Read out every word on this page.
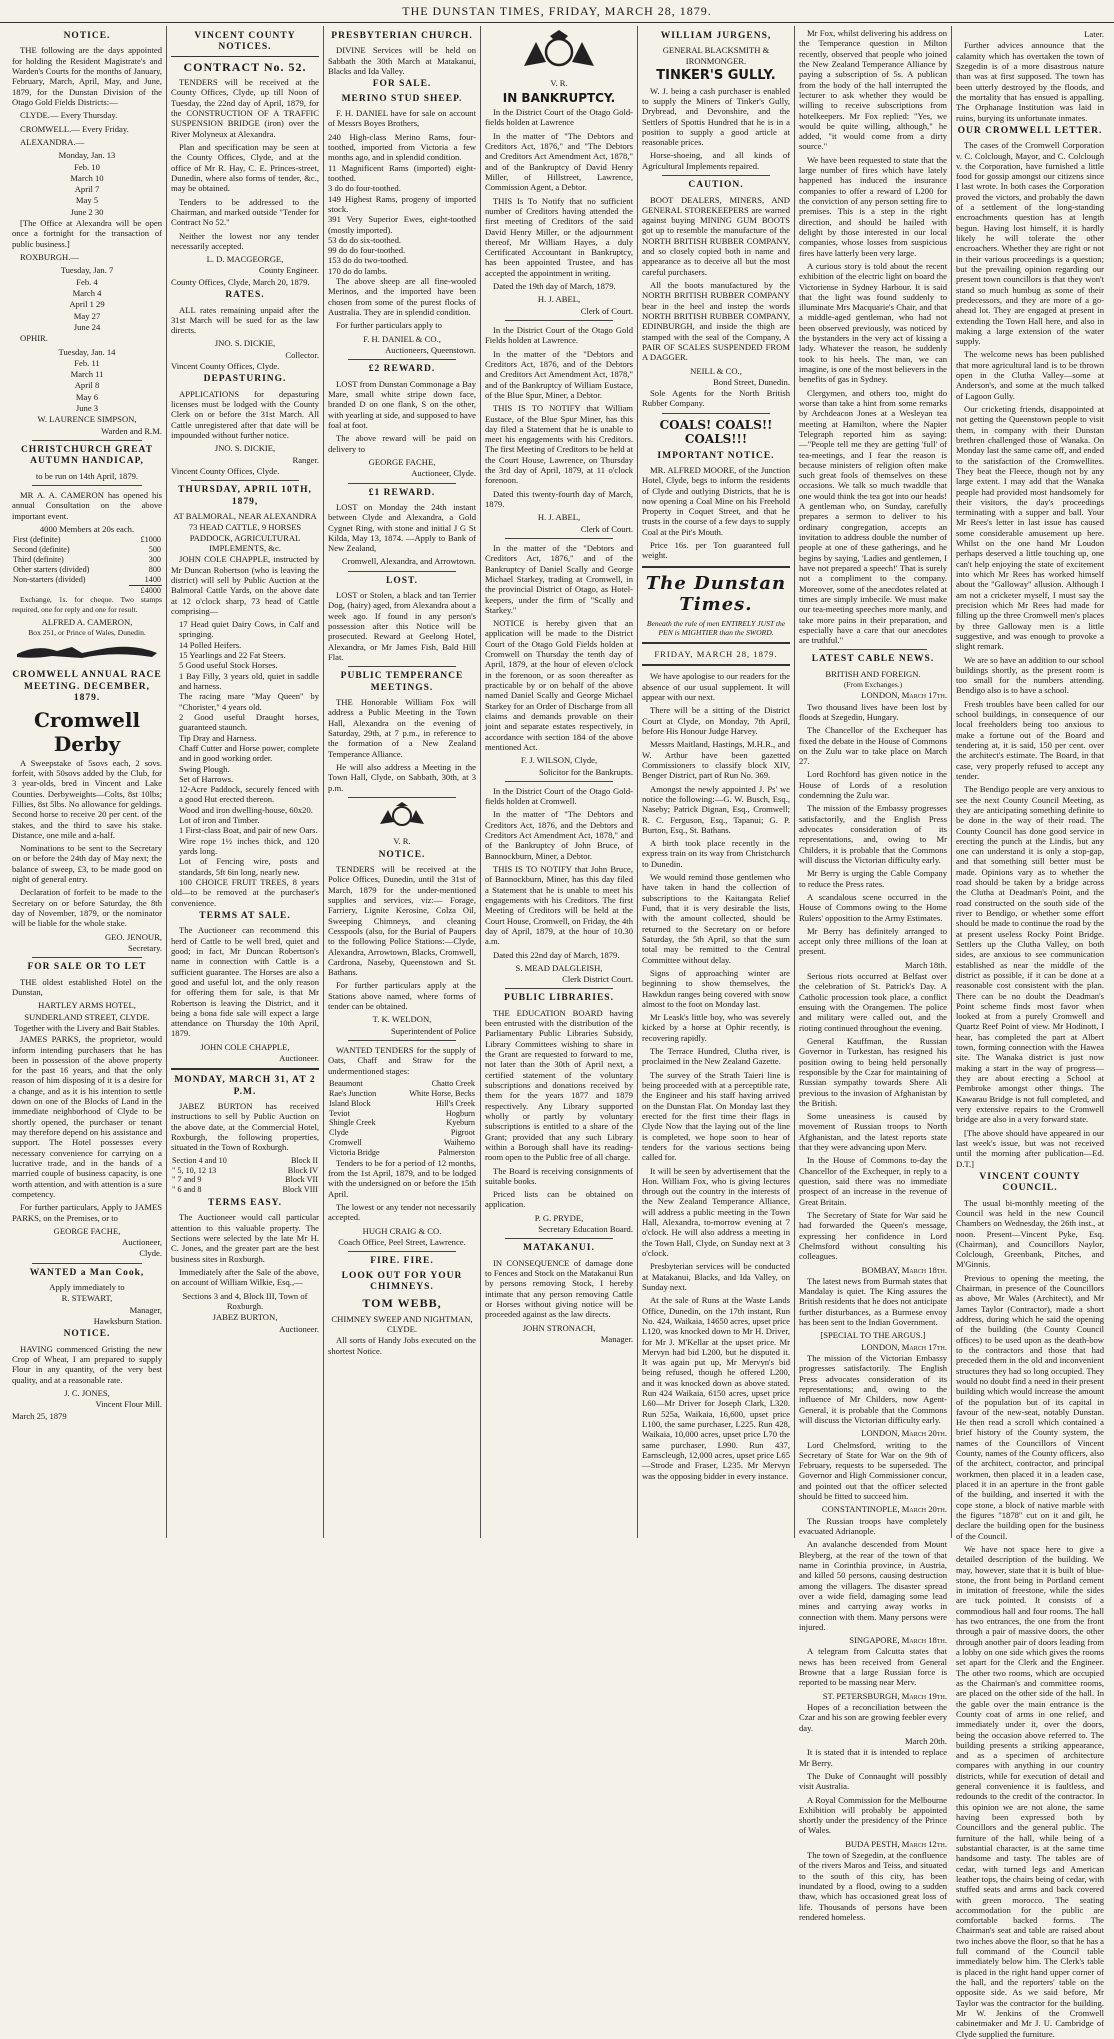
THE DUNSTAN TIMES, FRIDAY, MARCH 28, 1879.
NOTICE.

THE following are the days appointed for holding the Resident Magistrate's and Warden's Courts for the months of January, February, March, April, May, and June, 1879, for the Dunstan Division of the Otago Gold Fields Districts:—

CLYDE.— Every Thursday.

CROMWELL.— Every Friday.

ALEXANDRA.—

Monday, Jan. 13
Feb. 10
March 10
April 7
May 5
June 2 30

[The Office at Alexandra will be open once a fortnight for the transaction of public business.]

ROXBURGH.—

Tuesday, Jan. 7
Feb. 4
March 4
April 1 29
May 27
June 24

OPHIR.

Tuesday, Jan. 14
Feb. 11
March 11
April 8
May 6
June 3
W. LAURENCE SIMPSON,
Warden and R.M.
CHRISTCHURCH GREAT AUTUMN HANDICAP,
to be run on 14th April, 1879.

MR A. A. CAMERON has opened his annual Consultation on the above important event.

4000 Members at 20s each.
First (definite)	£1000
Second (definite)	500
Third (definite)	300
Other starters (divided)	800
Non-starters (divided)	1400
	£4000

Exchange, 1s. for cheque. Two stamps required, one for reply and one for result.

ALFRED A. CAMERON,
Box 251, or Prince of Wales, Dunedin.
CROMWELL ANNUAL RACE MEETING. DECEMBER, 1879.
Cromwell Derby

A Sweepstake of 5sovs each, 2 sovs. forfeit, with 50sovs added by the Club, for 3 year-olds, bred in Vincent and Lake Counties. Derbyweights—Colts, 8st 10lbs; Fillies, 8st 5lbs. No allowance for geldings. Second horse to receive 20 per cent. of the stakes, and the third to save his stake. Distance, one mile and a-half.

Nominations to be sent to the Secretary on or before the 24th day of May next; the balance of sweep, £3, to be made good on night of general entry.

Declaration of forfeit to be made to the Secretary on or before Saturday, the 8th day of November, 1879, or the nominator will be liable for the whole stake.

GEO. JENOUR,
Secretary.
FOR SALE OR TO LET

THE oldest established Hotel on the Dunstan,

HARTLEY ARMS HOTEL,
SUNDERLAND STREET, CLYDE.
Together with the Livery and Bait Stables.

JAMES PARKS, the proprietor, would inform intending purchasers that he has been in possession of the above property for the past 16 years, and that the only reason of him disposing of it is a desire for a change, and as it is his intention to settle down on one of the Blocks of Land in the immediate neighborhood of Clyde to be shortly opened, the purchaser or tenant may therefore depend on his assistance and support. The Hotel possesses every necessary convenience for carrying on a lucrative trade, and in the hands of a married couple of business capacity, is one worth attention, and with attention is a sure competency.

For further particulars, Apply to JAMES PARKS, on the Premises, or to

GEORGE FACHE,
Auctioneer,
Clyde.
WANTED a Man Cook,
Apply immediately to
R. STEWART,
Manager,
Hawksburn Station.
NOTICE.

HAVING commenced Gristing the new Crop of Wheat, I am prepared to supply Flour in any quantity, of the very best quality, and at a reasonable rate.

J. C. JONES,
Vincent Flour Mill.
March 25, 1879
VINCENT COUNTY NOTICES.
CONTRACT No. 52.

TENDERS will be received at the County Offices, Clyde, up till Noon of Tuesday, the 22nd day of April, 1879, for the CONSTRUCTION OF A TRAFFIC SUSPENSION BRIDGE (iron) over the River Molyneux at Alexandra.

Plan and specification may be seen at the County Offices, Clyde, and at the office of Mr R. Hay, C. E. Princes-street, Dunedin, where also forms of tender, &c., may be obtained.

Tenders to be addressed to the Chairman, and marked outside "Tender for Contract No 52."

Neither the lowest nor any tender necessarily accepted.

L. D. MACGEORGE,
County Engineer.
County Offices, Clyde, March 20, 1879.
RATES.

ALL rates remaining unpaid after the 31st March will be sued for as the law directs.

JNO. S. DICKIE,
Collector.
Vincent County Offices, Clyde.
DEPASTURING.

APPLICATIONS for depasturing licenses must be lodged with the County Clerk on or before the 31st March. All Cattle unregistered after that date will be impounded without further notice.

JNO. S. DICKIE,
Ranger.
Vincent County Offices, Clyde.
THURSDAY, APRIL 10TH, 1879,
AT BALMORAL, NEAR ALEXANDRA
73 HEAD CATTLE, 9 HORSES PADDOCK, AGRICULTURAL IMPLEMENTS, &c.

JOHN COLE CHAPPLE, instructed by Mr Duncan Robertson (who is leaving the district) will sell by Public Auction at the Balmoral Cattle Yards, on the above date at 12 o'clock sharp, 73 head of Cattle comprising—

17 Head quiet Dairy Cows, in Calf and springing.
14 Polled Heifers.
15 Yearlings and 22 Fat Steers.
5 Good useful Stock Horses.
1 Bay Filly, 3 years old, quiet in saddle and harness.
The racing mare "May Queen" by "Chorister," 4 years old.
2 Good useful Draught horses, guaranteed staunch.
Tip Dray and Harness.
Chaff Cutter and Horse power, complete and in good working order.
Swing Plough.
Set of Harrows.
12-Acre Paddock, securely fenced with a good Hut erected thereon.
Wood and iron dwelling-house, 60x20.
Lot of iron and Timber.
1 First-class Boat, and pair of new Oars.
Wire rope 1½ inches thick, and 120 yards long.
Lot of Fencing wire, posts and standards, 5ft 6in long, nearly new.

100 CHOICE FRUIT TREES, 8 years old—to be removed at the purchaser's convenience.

TERMS AT SALE.

The Auctioneer can recommend this herd of Cattle to be well bred, quiet and good; in fact, Mr Duncan Robertson's name in connection with Cattle is a sufficient guarantee. The Horses are also a good and useful lot, and the only reason for offering them for sale, is that Mr Robertson is leaving the District, and it being a bona fide sale will expect a large attendance on Thursday the 10th April, 1879.

JOHN COLE CHAPPLE,
Auctioneer.
MONDAY, MARCH 31, AT 2 P.M.

JABEZ BURTON has received instructions to sell by Public Auction on the above date, at the Commercial Hotel, Roxburgh, the following properties, situated in the Town of Roxburgh.

Section 4 and 10	Block II
" 5, 10, 12 13	Block IV
" 7 and 9	Block VII
" 6 and 8	Block VIII
TERMS EASY.

The Auctioneer would call particular attention to this valuable property. The Sections were selected by the late Mr H. C. Jones, and the greater part are the best business sites in Roxburgh.

Immediately after the Sale of the above, on account of William Wilkie, Esq.,—

Sections 3 and 4, Block III, Town of Roxburgh.
JABEZ BURTON,
Auctioneer.
PRESBYTERIAN CHURCH.

DIVINE Services will be held on Sabbath the 30th March at Matakanui, Blacks and Ida Valley.

FOR SALE.
MERINO STUD SHEEP.

F. H. DANIEL have for sale on account of Messrs Boyes Brothers,

240 High-class Merino Rams, four-toothed, imported from Victoria a few months ago, and in splendid condition.
11 Magnificent Rams (imported) eight-toothed.
3 do do four-toothed.
149 Highest Rams, progeny of imported stock.
391 Very Superior Ewes, eight-toothed (mostly imported).
53 do do six-toothed.
99 do do four-toothed.
153 do do two-toothed.
170 do do lambs.

The above sheep are all fine-wooled Merinos, and the imported have been chosen from some of the purest flocks of Australia. They are in splendid condition.

For further particulars apply to

F. H. DANIEL & CO.,
Auctioneers, Queenstown.
£2 REWARD.

LOST from Dunstan Commonage a Bay Mare, small white stripe down face, branded D on one flank, S on the other, with yearling at side, and supposed to have foal at foot.

The above reward will be paid on delivery to

GEORGE FACHE,
Auctioneer, Clyde.
£1 REWARD.

LOST on Monday the 24th instant between Clyde and Alexandra, a Gold Cygnet Ring, with stone and initial J G St Kilda, May 13, 1874. —Apply to Bank of New Zealand,

Cromwell, Alexandra, and Arrowtown.
LOST.

LOST or Stolen, a black and tan Terrier Dog, (hairy) aged, from Alexandra about a week ago. If found in any person's possession after this Notice will be prosecuted. Reward at Geelong Hotel, Alexandra, or Mr James Fish, Bald Hill Flat.

PUBLIC TEMPERANCE MEETINGS.

THE Honorable William Fox will address a Public Meeting in the Town Hall, Alexandra on the evening of Saturday, 29th, at 7 p.m., in reference to the formation of a New Zealand Temperance Alliance.

He will also address a Meeting in the Town Hall, Clyde, on Sabbath, 30th, at 3 p.m.

V. R.
NOTICE.

TENDERS will be received at the Police Offices, Dunedin, until the 31st of March, 1879 for the under-mentioned supplies and services, viz:— Forage, Farriery, Lignite Kerosine, Colza Oil, Sweeping Chimneys, and cleaning Cesspools (also, for the Burial of Paupers to the following Police Stations:—Clyde, Alexandra, Arrowtown, Blacks, Cromwell, Cardrona, Naseby, Queenstown and St. Bathans.

For further particulars apply at the Stations above named, where forms of tender can be obtained.

T. K. WELDON,
Superintendent of Police

WANTED TENDERS for the supply of Oats, Chaff and Straw for the undermentioned stages:

Beaumont	Chatto Creek
Rae's Junction	White Horse, Becks
Island Block	Hill's Creek
Teviot	Hogburn
Shingle Creek	Kyeburn
Clyde	Pigroot
Cromwell	Waihemo
Victoria Bridge	Palmerston

Tenders to be for a period of 12 months, from the 1st April, 1879, and to be lodged with the undersigned on or before the 15th April.

The lowest or any tender not necessarily accepted.

HUGH CRAIG & CO.
Coach Office, Peel Street, Lawrence.
FIRE. FIRE.
LOOK OUT FOR YOUR CHIMNEYS.
TOM WEBB,
CHIMNEY SWEEP AND NIGHTMAN, CLYDE.

All sorts of Handy Jobs executed on the shortest Notice.

V. R.
IN BANKRUPTCY.

In the District Court of the Otago Gold-fields holden at Lawrence

In the matter of "The Debtors and Creditors Act, 1876," and "The Debtors and Creditors Act Amendment Act, 1878," and of the Bankruptcy of David Henry Miller, of Hillstreet, Lawrence, Commission Agent, a Debtor.

THIS Is To Notify that no sufficient number of Creditors having attended the first meeting of Creditors of the said David Henry Miller, or the adjournment thereof, Mr William Hayes, a duly Certificated Accountant in Bankruptcy, has been appointed Trustee, and has accepted the appointment in writing.

Dated the 19th day of March, 1879.

H. J. ABEL,
Clerk of Court.

In the District Court of the Otago Gold Fields holden at Lawrence.

In the matter of the "Debtors and Creditors Act, 1876, and of the Debtors and Creditors Act Amendment Act, 1878," and of the Bankruptcy of William Eustace, of the Blue Spur, Miner, a Debtor.

THIS IS TO NOTIFY that William Eustace, of the Blue Spur Miner, has this day filed a Statement that he is unable to meet his engagements with his Creditors. The first Meeting of Creditors to be held at the Court House, Lawrence, on Thursday the 3rd day of April, 1879, at 11 o'clock forenoon.

Dated this twenty-fourth day of March, 1879.

H. J. ABEL,
Clerk of Court.

In the matter of the "Debtors and Creditors Act, 1876," and of the Bankruptcy of Daniel Scally and George Michael Starkey, trading at Cromwell, in the provincial District of Otago, as Hotel-keepers, under the firm of "Scally and Starkey."

NOTICE is hereby given that an application will be made to the District Court of the Otago Gold Fields holden at Cromwell on Thursday the tenth day of April, 1879, at the hour of eleven o'clock in the forenoon, or as soon thereafter as practicable by or on behalf of the above named Daniel Scally and George Michael Starkey for an Order of Discharge from all claims and demands provable on their joint and separate estates respectively, in accordance with section 184 of the above mentioned Act.

F. J. WILSON, Clyde,
Solicitor for the Bankrupts.

In the District Court of the Otago Gold-fields holden at Cromwell.

In the matter of "The Debtors and Creditors Act, 1876, and the Debtors and Creditors Act Amendment Act, 1878," and of the Bankruptcy of John Bruce, of Bannockburn, Miner, a Debtor.

THIS IS TO NOTIFY that John Bruce, of Bannockburn, Miner, has this day filed a Statement that he is unable to meet his engagements with his Creditors. The first Meeting of Creditors will be held at the Court House, Cromwell, on Friday, the 4th day of April, 1879, at the hour of 10.30 a.m.

Dated this 22nd day of March, 1879.

S. MEAD DALGLEISH,
Clerk District Court.
PUBLIC LIBRARIES.

THE EDUCATION BOARD having been entrusted with the distribution of the Parliamentary Public Libraries Subsidy, Library Committees wishing to share in the Grant are requested to forward to me, not later than the 30th of April next, a certified statement of the voluntary subscriptions and donations received by them for the years 1877 and 1879 respectively. Any Library supported wholly or partly by voluntary subscriptions is entitled to a share of the Grant; provided that any such Library within a Borough shall have its reading-room open to the Public free of all charge.

The Board is receiving consignments of suitable books.

Priced lists can be obtained on application.

P. G. PRYDE,
Secretary Education Board.
MATAKANUI.

IN CONSEQUENCE of damage done to Fences and Stock on the Matakanui Run by persons removing Stock, I hereby intimate that any person removing Cattle or Horses without giving notice will be proceeded against as the law directs.

JOHN STRONACH,
Manager.
WILLIAM JURGENS,
GENERAL BLACKSMITH & IRONMONGER.
TINKER'S GULLY.

W. J. being a cash purchaser is enabled to supply the Miners of Tinker's Gully, Drybread, and Devonshire, and the Settlers of Spottis Hundred that he is in a position to supply a good article at reasonable prices.

Horse-shoeing, and all kinds of Agricultural Implements repaired.

CAUTION.

BOOT DEALERS, MINERS, AND GENERAL STOREKEEPERS are warned against buying MINING GUM BOOTS got up to resemble the manufacture of the NORTH BRITISH RUBBER COMPANY, and so closely copied both in name and appearance as to deceive all but the most careful purchasers.

All the boots manufactured by the NORTH BRITISH RUBBER COMPANY bear in the heel and instep the words NORTH BRITISH RUBBER COMPANY, EDINBURGH, and inside the thigh are stamped with the seal of the Company, A PAIR OF SCALES SUSPENDED FROM A DAGGER.

NEILL & CO.,
Bond Street, Dunedin.

Sole Agents for the North British Rubber Company.

COALS! COALS!! COALS!!!
IMPORTANT NOTICE.

MR. ALFRED MOORE, of the Junction Hotel, Clyde, begs to inform the residents of Clyde and outlying Districts, that he is now opening a Coal Mine on his Freehold Property in Coquet Street, and that he trusts in the course of a few days to supply Coal at the Pit's Mouth.

Price 16s. per Ton guaranteed full weight.

The Dunstan Times.
Beneath the rule of men ENTIRELY JUST the PEN is MIGHTIER than the SWORD.
FRIDAY, MARCH 28, 1879.

We have apologise to our readers for the absence of our usual supplement. It will appear with our next.

There will be a sitting of the District Court at Clyde, on Monday, 7th April, before His Honour Judge Harvey.

Messrs Maitland, Hastings, M.H.R., and W. Arthur have been gazetted Commissioners to classify block XIV, Benger District, part of Run No. 369.

Amongst the newly appointed J. Ps' we notice the following:—G. W. Busch, Esq., Naseby; Patrick Dignan, Esq., Cromwell; R. C. Ferguson, Esq., Tapanui; G. P. Burton, Esq., St. Bathans.

A birth took place recently in the express train on its way from Christchurch to Dunedin.

We would remind those gentlemen who have taken in hand the collection of subscriptions to the Kaitangata Relief Fund, that it is very desirable the lists, with the amount collected, should be returned to the Secretary on or before Saturday, the 5th April, so that the sum total may be remitted to the Central Committee without delay.

Signs of approaching winter are beginning to show themselves, the Hawkdun ranges being covered with snow almost to the foot on Monday last.

Mr Leask's little boy, who was severely kicked by a horse at Ophir recently, is recovering rapidly.

The Terrace Hundred, Clutha river, is proclaimed in the New Zealand Gazette.

The survey of the Strath Taieri line is being proceeded with at a perceptible rate, the Engineer and his staff having arrived on the Dunstan Flat. On Monday last they erected for the first time their flags in Clyde Now that the laying out of the line is completed, we hope soon to hear of tenders for the various sections being called for.

It will be seen by advertisement that the Hon. William Fox, who is giving lectures through out the country in the interests of the New Zealand Temperance Alliance, will address a public meeting in the Town Hall, Alexandra, to-morrow evening at 7 o'clock. He will also address a meeting in the Town Hall, Clyde, on Sunday next at 3 o'clock.

Presbyterian services will be conducted at Matakanui, Blacks, and Ida Valley, on Sunday next.

At the sale of Runs at the Waste Lands Office, Dunedin, on the 17th instant, Run No. 424, Waikaia, 14650 acres, upset price L120, was knocked down to Mr H. Driver, for Mr J. M'Kellar at the upset price. Mr Mervyn had bid L200, but he disputed it. It was again put up, Mr Mervyn's bid being refused, though he offered L200, and it was knocked down as above stated. Run 424 Waikaia, 6150 acres, upset price L60—Mr Driver for Joseph Clark, L320. Run 525a, Waikaia, 16,600, upset price L100, the same purchaser, L225. Run 428, Waikaia, 10,000 acres, upset price L70 the same purchaser, L990. Run 437, Earnscleugh, 12,000 acres, upset price L65—Strode and Fraser, L235. Mr Mervyn was the opposing bidder in every instance.

Mr Fox, whilst delivering his address on the Temperance question in Milton recently, observed that people who joined the New Zealand Temperance Alliance by paying a subscription of 5s. A publican from the body of the hall interrupted the lecturer to ask whether they would be willing to receive subscriptions from hotelkeepers. Mr Fox replied: "Yes, we would be quite willing, although," he added, "it would come from a dirty source."

We have been requested to state that the large number of fires which have lately happened has induced the insurance companies to offer a reward of L200 for the conviction of any person setting fire to premises. This is a step in the right direction, and should be hailed with delight by those interested in our local companies, whose losses from suspicious fires have latterly been very large.

A curious story is told about the recent exhibition of the electric light on board the Victoriense in Sydney Harbour. It is said that the light was found suddenly to illuminate Mrs Macquarie's Chair, and that a middle-aged gentleman, who had not been observed previously, was noticed by the bystanders in the very act of kissing a lady. Whatever the reason, he suddenly took to his heels. The man, we can imagine, is one of the most believers in the benefits of gas in Sydney.

Clergymen, and others too, might do worse than take a hint from some remarks by Archdeacon Jones at a Wesleyan tea meeting at Hamilton, where the Napier Telegraph reported him as saying:—"People tell me they are getting 'full' of tea-meetings, and I fear the reason is because ministers of religion often make such great fools of themselves on these occasions. We talk so much twaddle that one would think the tea got into our heads! A gentleman who, on Sunday, carefully prepares a sermon to deliver to his ordinary congregation, accepts an invitation to address double the number of people at one of these gatherings, and he begins by saying, 'Ladies and gentlemen, I have not prepared a speech!' That is surely not a compliment to the company. Moreover, some of the anecdotes related at times are simply imbecile. We must make our tea-meeting speeches more manly, and take more pains in their preparation, and especially have a care that our anecdotes are truthful."

LATEST CABLE NEWS.
BRITISH AND FOREIGN.
(From Exchanges.)
LONDON, March 17th.

Two thousand lives have been lost by floods at Szegedin, Hungary.

The Chancellor of the Exchequer has fixed the debate in the House of Commons on the Zulu war to take place on March 27.

Lord Rochford has given notice in the House of Lords of a resolution condemning the Zulu war.

The mission of the Embassy progresses satisfactorily, and the English Press advocates consideration of its representations, and, owing to Mr Childers, it is probable that the Commons will discuss the Victorian difficulty early.

Mr Berry is urging the Cable Company to reduce the Press rates.

A scandalous scene occurred in the House of Commons owing to the Home Rulers' opposition to the Army Estimates.

Mr Berry has definitely arranged to accept only three millions of the loan at present.

March 18th.

Serious riots occurred at Belfast over the celebration of St. Patrick's Day. A Catholic procession took place, a conflict ensuing with the Orangemen. The police and military were called out, and the rioting continued throughout the evening.

General Kauffman, the Russian Governor in Turkestan, has resigned his position owing to being held personally responsible by the Czar for maintaining of Russian sympathy towards Shere Ali previous to the invasion of Afghanistan by the British.

Some uneasiness is caused by movement of Russian troops to North Afghanistan, and the latest reports state that they were advancing upon Merv.

In the House of Commons to-day the Chancellor of the Exchequer, in reply to a question, said there was no immediate prospect of an increase in the revenue of Great Britain.

The Secretary of State for War said he had forwarded the Queen's message, expressing her confidence in Lord Chelmsford without consulting his colleagues.

BOMBAY, March 18th.

The latest news from Burmah states that Mandalay is quiet. The King assures the British residents that he does not anticipate further disturbances, as a Burmese envoy has been sent to the Indian Government.

[SPECIAL TO THE ARGUS.]
LONDON, March 17th.

The mission of the Victorian Embassy progresses satisfactorily. The English Press advocates consideration of its representations; and, owing to the influence of Mr Childers, now Agent-General, it is probable that the Commons will discuss the Victorian difficulty early.

LONDON, March 20th.

Lord Chelmsford, writing to the Secretary of State for War on the 9th of February, requests to be superseded. The Governor and High Commissioner concur, and pointed out that the officer selected should be fitted to succeed him.

CONSTANTINOPLE, March 20th.

The Russian troops have completely evacuated Adrianople.

An avalanche descended from Mount Bleyberg, at the rear of the town of that name in Corinthia province, in Austria, and killed 50 persons, causing destruction among the villagers. The disaster spread over a wide field, damaging some lead mines and carrying away works in connection with them. Many persons were injured.

SINGAPORE, March 18th.

A telegram from Calcutta states that news has been received from General Browne that a large Russian force is reported to be massing near Merv.

ST. PETERSBURGH, March 19th.

Hopes of a reconciliation between the Czar and his son are growing feebler every day.

March 20th.

It is stated that it is intended to replace Mr Berry.

The Duke of Connaught will possibly visit Australia.

A Royal Commission for the Melbourne Exhibition will probably be appointed shortly under the presidency of the Prince of Wales.

BUDA PESTH, March 12th.

The town of Szegedin, at the confluence of the rivers Maros and Teiss, and situated to the south of this city, has been inundated by a flood, owing to a sudden thaw, which has occasioned great loss of life. Thousands of persons have been rendered homeless.

Later.

Further advices announce that the calamity which has overtaken the town of Szegedin is of a more disastrous nature than was at first supposed. The town has been utterly destroyed by the floods, and the mortality that has ensued is appalling. The Orphanage Institution was laid in ruins, burying its unfortunate inmates.

OUR CROMWELL LETTER.

The cases of the Cromwell Corporation v. C. Colclough, Mayor, and C. Colclough v. the Corporation, have furnished a little food for gossip amongst our citizens since I last wrote. In both cases the Corporation proved the victors, and probably the dawn of a settlement of the long-standing encroachments question has at length begun. Having lost himself, it is hardly likely he will tolerate the other encroachers. Whether they are right or not in their various proceedings is a question; but the prevailing opinion regarding our present town councillors is that they won't stand so much humbug as some of their predecessors, and they are more of a go-ahead lot. They are engaged at present in extending the Town Hall here, and also in making a large extension of the water supply.

The welcome news has been published that more agricultural land is to be thrown open in the Clutha Valley—some at Anderson's, and some at the much talked of Lagoon Gully.

Our cricketing friends, disappointed at not getting the Queenstown people to visit them, in company with their Dunstan brethren challenged those of Wanaka. On Monday last the same came off, and ended to the satisfaction of the Cromwellites. They beat the Fleece, though not by any large extent. I may add that the Wanaka people had provided most handsomely for their visitors, the day's proceedings terminating with a supper and ball. Your Mr Rees's letter in last issue has caused some considerable amusement up here. Whilst on the one hand Mr Loudon perhaps deserved a little touching up, one can't help enjoying the state of excitement into which Mr Rees has worked himself about the "Galloway" allusion. Although I am not a cricketer myself, I must say the precision which Mr Rees had made for filling up the three Cromwell men's places by three Galloway men is a little suggestive, and was enough to provoke a slight remark.

We are so have an addition to our school buildings shortly, as the present room is too small for the numbers attending. Bendigo also is to have a school.

Fresh troubles have been called for our school buildings, in consequence of our local freeholders being too anxious to make a fortune out of the Board and tendering at, it is said, 150 per cent. over the architect's estimate. The Board, in that case, very properly refused to accept any tender.

The Bendigo people are very anxious to see the next County Council Meeting, as they are anticipating something definite to be done in the way of their road. The County Council has done good service in erecting the punch at the Lindis, but any one can understand it is only a stop-gap, and that something still better must be made. Opinions vary as to whether the road should be taken by a bridge across the Clutha at Deadman's Point, and the road constructed on the south side of the river to Bendigo, or whether some effort should be made to continue the road by the at present useless Rocky Point Bridge. Settlers up the Clutha Valley, on both sides, are anxious to see communication established as near the middle of the district as possible, if it can be done at a reasonable cost consistent with the plan. There can be no doubt the Deadman's Point scheme finds most favor when looked at from a purely Cromwell and Quartz Reef Point of view. Mr Hodinott, I hear, has completed the part at Albert town, forming connection with the Hawea site. The Wanaka district is just now making a start in the way of progress—they are about erecting a School at Pembroke amongst other things. The Kawarau Bridge is not full completed, and very extensive repairs to the Cromwell bridge are also in a very forward state.

[The above should have appeared in our last week's issue, but was not received until the morning after publication—Ed. D.T.]

VINCENT COUNTY COUNCIL.

The usual bi-monthly meeting of the Council was held in the new Council Chambers on Wednesday, the 26th inst., at noon. Present—Vincent Pyke, Esq. (Chairman), and Councillors Naylor, Colclough, Greenbank, Pitches, and M'Ginnis.

Previous to opening the meeting, the Chairman, in presence of the Councillors as above, Mr Wales (Architect), and Mr James Taylor (Contractor), made a short address, during which he said the opening of the building (the County Council offices) to be used upon as the death-bow to the contractors and those that had preceded them in the old and inconvenient structures they had so long occupied. They would no doubt find a need in their present building which would increase the amount of the population but of its capital in favour of the new-seat, notably Dunstan. He then read a scroll which contained a brief history of the County system, the names of the Councillors of Vincent County, names of the County officers, also of the architect, contractor, and principal workmen, then placed it in a leaden case, placed it in an aperture in the front gable of the building, and inserted it with the cope stone, a block of native marble with the figures "1878" cut on it and gilt, he declare the building open for the business of the Council.

We have not space here to give a detailed description of the building. We may, however, state that it is built of blue-stone, the front being in Portland cement in imitation of freestone, while the sides are tuck pointed. It consists of a commodious hall and four rooms. The hall has two entrances, the one from the front through a pair of massive doors, the other through another pair of doors leading from a lobby on one side which gives the rooms set apart for the Clerk and the Engineer. The other two rooms, which are occupied as the Chairman's and committee rooms, are placed on the other side of the hall. In the gable over the main entrance is the County coat of arms in one relief, and immediately under it, over the doors, being the occasion above referred to. The building presents a striking appearance, and as a specimen of architecture compares with anything in our country districts, while for execution of detail and general convenience it is faultless, and redounds to the credit of the contractor. In this opinion we are not alone, the same having been expressed both by Councillors and the general public. The furniture of the hall, while being of a substantial character, is at the same time handsome and tasty. The tables are of cedar, with turned legs and American leather tops, the chairs being of cedar, with stuffed seats and arms and back covered with green morocco. The seating accommodation for the public are comfortable backed forms. The Chairman's seat and table are raised about two inches above the floor, so that he has a full command of the Council table immediately below him. The Clerk's table is placed in the right hand upper corner of the hall, and the reporters' table on the opposite side. As we said before, Mr Taylor was the contractor for the building. Mr W. Jenkins of the Cromwell cabinetmaker and Mr J. U. Cambridge of Clyde supplied the furniture.
